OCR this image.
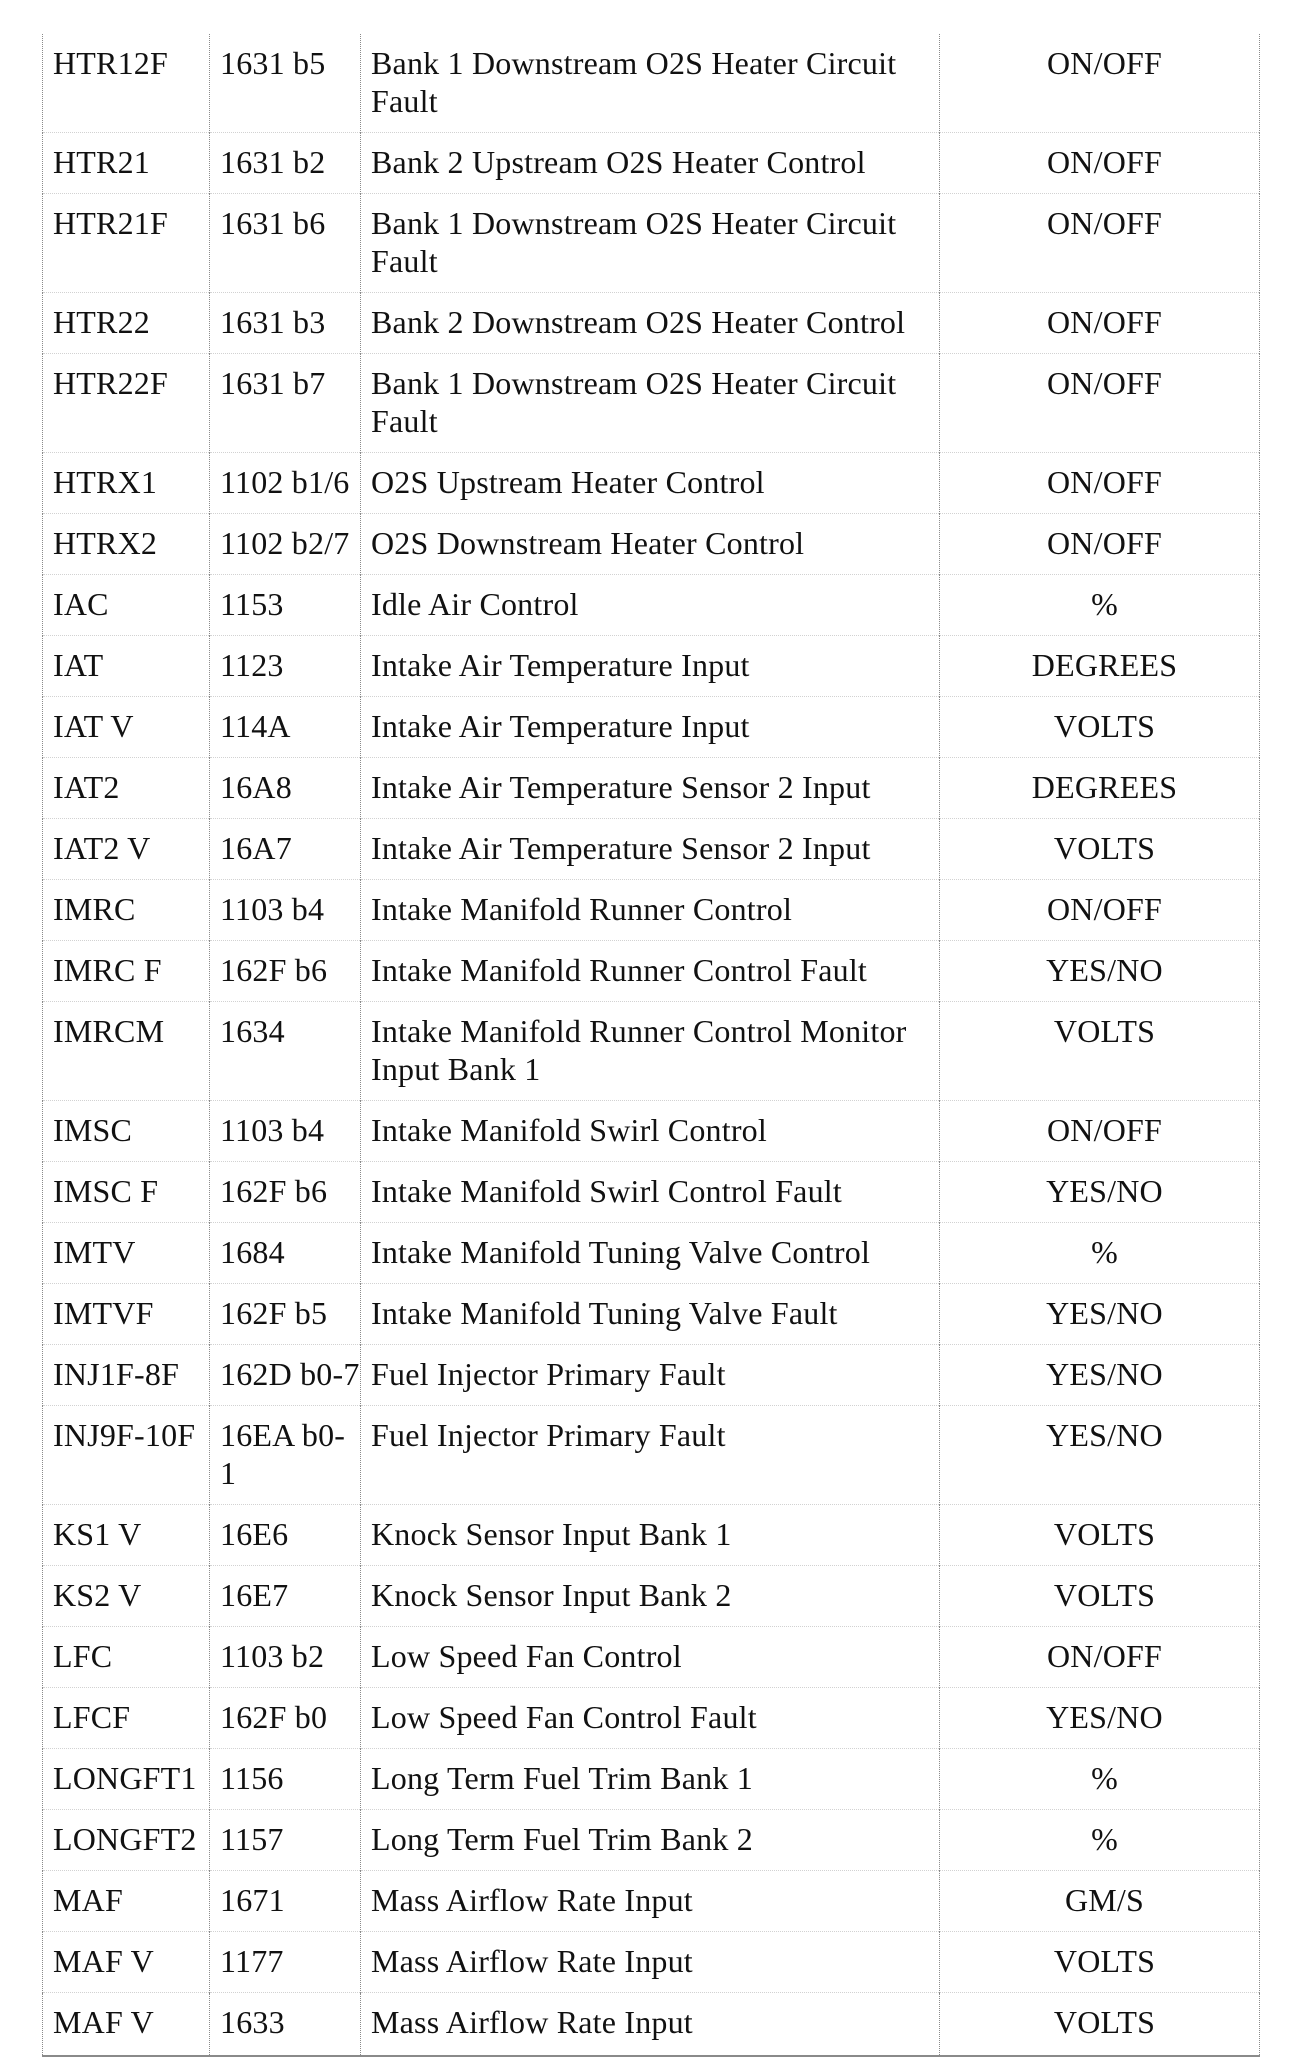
HTR12F	1631 b5	Bank 1 Downstream O2S Heater Circuit Fault	ON/OFF
HTR21	1631 b2	Bank 2 Upstream O2S Heater Control	ON/OFF
HTR21F	1631 b6	Bank 1 Downstream O2S Heater Circuit Fault	ON/OFF
HTR22	1631 b3	Bank 2 Downstream O2S Heater Control	ON/OFF
HTR22F	1631 b7	Bank 1 Downstream O2S Heater Circuit Fault	ON/OFF
HTRX1	1102 b1/6	O2S Upstream Heater Control	ON/OFF
HTRX2	1102 b2/7	O2S Downstream Heater Control	ON/OFF
IAC	1153	Idle Air Control	%
IAT	1123	Intake Air Temperature Input	DEGREES
IAT V	114A	Intake Air Temperature Input	VOLTS
IAT2	16A8	Intake Air Temperature Sensor 2 Input	DEGREES
IAT2 V	16A7	Intake Air Temperature Sensor 2 Input	VOLTS
IMRC	1103 b4	Intake Manifold Runner Control	ON/OFF
IMRC F	162F b6	Intake Manifold Runner Control Fault	YES/NO
IMRCM	1634	Intake Manifold Runner Control Monitor Input Bank 1	VOLTS
IMSC	1103 b4	Intake Manifold Swirl Control	ON/OFF
IMSC F	162F b6	Intake Manifold Swirl Control Fault	YES/NO
IMTV	1684	Intake Manifold Tuning Valve Control	%
IMTVF	162F b5	Intake Manifold Tuning Valve Fault	YES/NO
INJ1F-8F	162D b0-7	Fuel Injector Primary Fault	YES/NO
INJ9F-10F	16EA b0-1	Fuel Injector Primary Fault	YES/NO
KS1 V	16E6	Knock Sensor Input Bank 1	VOLTS
KS2 V	16E7	Knock Sensor Input Bank 2	VOLTS
LFC	1103 b2	Low Speed Fan Control	ON/OFF
LFCF	162F b0	Low Speed Fan Control Fault	YES/NO
LONGFT1	1156	Long Term Fuel Trim Bank 1	%
LONGFT2	1157	Long Term Fuel Trim Bank 2	%
MAF	1671	Mass Airflow Rate Input	GM/S
MAF V	1177	Mass Airflow Rate Input	VOLTS
MAF V	1633	Mass Airflow Rate Input	VOLTS
